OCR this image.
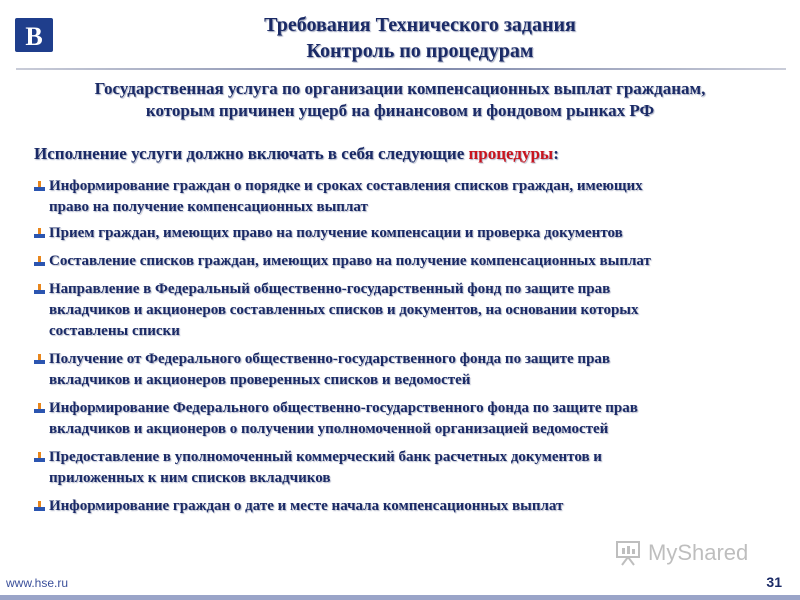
B	Требования Технического задания
Контроль по процедурам
Государственная услуга по организации компенсационных выплат гражданам,
которым причинен ущерб на финансовом и фондовом рынках РФ
Исполнение услуги должно включать в себя следующие процедуры:
Информирование граждан о порядке и сроках составления списков граждан, имеющих
право на получение компенсационных выплат
Прием граждан, имеющих право на получение компенсации и проверка документов
Составление списков граждан, имеющих право на получение компенсационных выплат
Направление в Федеральный общественно-государственный фонд по защите прав
вкладчиков и акционеров составленных списков и документов, на основании которых
составлены списки
Получение от Федерального общественно-государственного фонда по защите прав
вкладчиков и акционеров проверенных списков и ведомостей
Информирование Федерального общественно-государственного фонда по защите прав
вкладчиков и акционеров о получении уполномоченной организацией ведомостей
Предоставление в уполномоченный коммерческий банк расчетных документов и
приложенных к ним списков вкладчиков
Информирование граждан о дате и месте начала компенсационных выплат
MyShared
www.hse.ru	31
